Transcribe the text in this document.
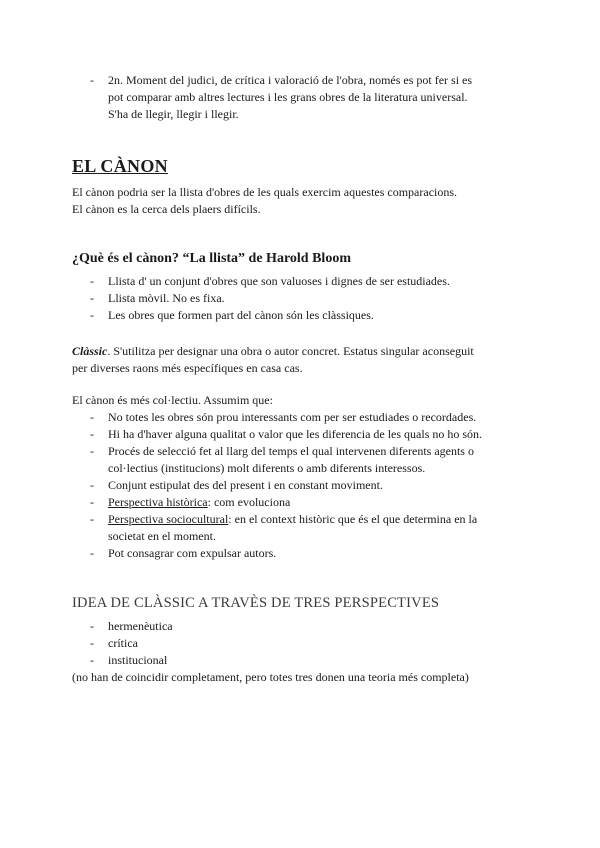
- 2n. Moment del judici, de crítica i valoració de l'obra, només es pot fer si es

pot comparar amb altres lectures i les grans obres de la literatura universal.

S'ha de llegir, llegir i llegir.

EL CÀNON

El cànon podria ser la llista d'obres de les quals exercim aquestes comparacions.

El cànon es la cerca dels plaers difícils.

¿Què és el cànon? “La llista” de Harold Bloom
- Llista d' un conjunt d'obres que son valuoses i dignes de ser estudiades.
- Llista mòvil. No es fixa.
- Les obres que formen part del cànon són les clàssiques.

Clàssic. S'utilitza per designar una obra o autor concret. Estatus singular aconseguit

per diverses raons més específiques en casa cas.

El cànon és més col·lectiu. Assumim que:

- No totes les obres són prou interessants com per ser estudiades o recordades.
- Hi ha d'haver alguna qualitat o valor que les diferencia de les quals no ho són.
- Procés de selecció fet al llarg del temps el qual intervenen diferents agents o

col·lectius (institucions) molt diferents o amb diferents interessos.

- Conjunt estipulat des del present i en constant moviment.
- Perspectiva històrica: com evoluciona
- Perspectiva sociocultural: en el context històric que és el que determina en la

societat en el moment.

- Pot consagrar com expulsar autors.
IDEA DE CLÀSSIC A TRAVÈS DE TRES PERSPECTIVES
- hermenèutica
- crítica
- institucional

(no han de coincidir completament, pero totes tres donen una teoria més completa)
